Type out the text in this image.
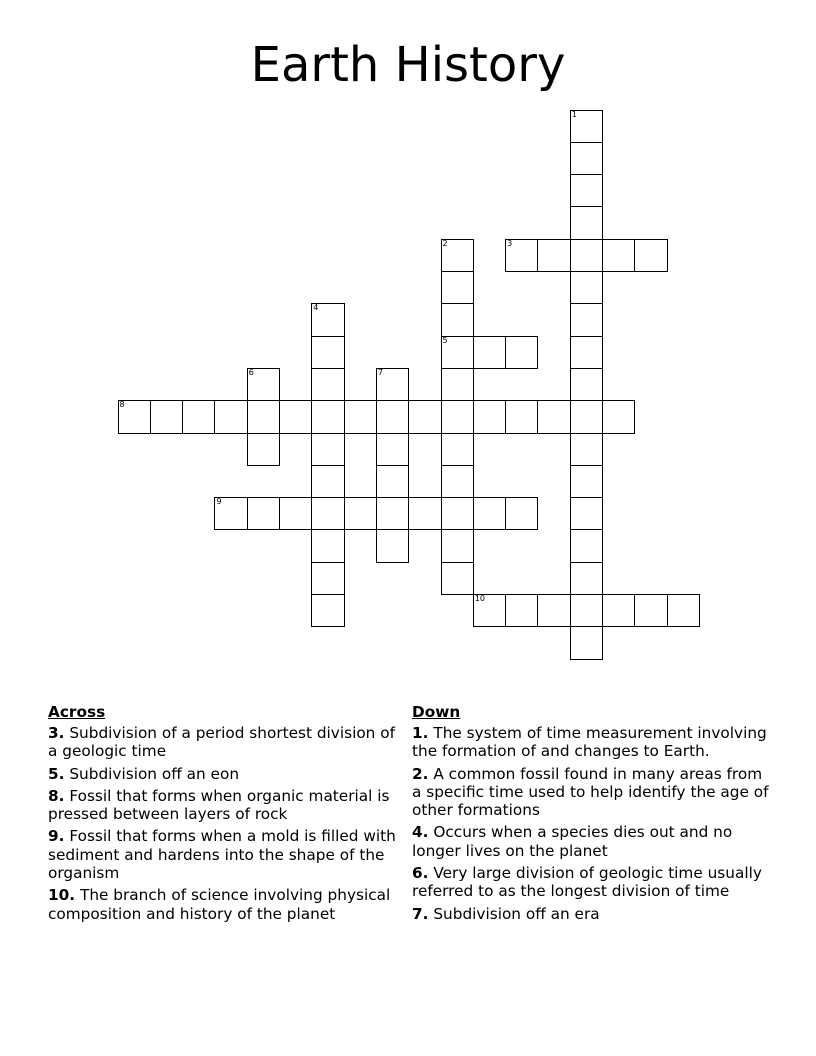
Earth History
1
2
5
3
4
6	7
8
9
10
Across
3. Subdivision of a period shortest division of a geologic time
5. Subdivision off an eon
8. Fossil that forms when organic material is pressed between layers of rock
9. Fossil that forms when a mold is filled with sediment and hardens into the shape of the organism
10. The branch of science involving physical composition and history of the planet
Down
1. The system of time measurement involving the formation of and changes to Earth.
2. A common fossil found in many areas from a specific time used to help identify the age of other formations
4. Occurs when a species dies out and no longer lives on the planet
6. Very large division of geologic time usually referred to as the longest division of time
7. Subdivision off an era
